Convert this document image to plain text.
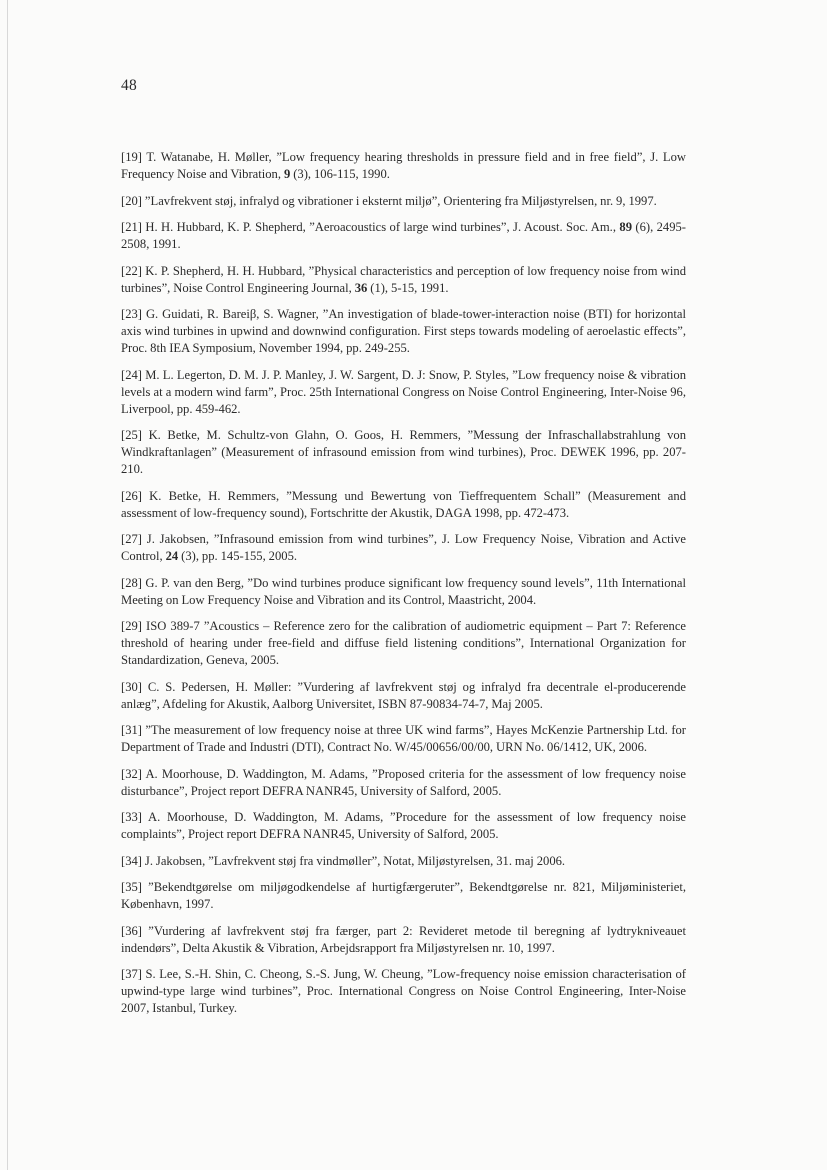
48
[19] T. Watanabe, H. Møller, ”Low frequency hearing thresholds in pressure field and in free field”, J. Low Frequency Noise and Vibration, 9 (3), 106-115, 1990.
[20] ”Lavfrekvent støj, infralyd og vibrationer i eksternt miljø”, Orientering fra Miljøstyrelsen, nr. 9, 1997.
[21] H. H. Hubbard, K. P. Shepherd, ”Aeroacoustics of large wind turbines”, J. Acoust. Soc. Am., 89 (6), 2495-2508, 1991.
[22] K. P. Shepherd, H. H. Hubbard, ”Physical characteristics and perception of low frequency noise from wind turbines”, Noise Control Engineering Journal, 36 (1), 5-15, 1991.
[23] G. Guidati, R. Bareiβ, S. Wagner, ”An investigation of blade-tower-interaction noise (BTI) for horizontal axis wind turbines in upwind and downwind configuration. First steps towards modeling of aeroelastic effects”, Proc. 8th IEA Symposium, November 1994, pp. 249-255.
[24] M. L. Legerton, D. M. J. P. Manley, J. W. Sargent, D. J: Snow, P. Styles, ”Low frequency noise & vibration levels at a modern wind farm”, Proc. 25th International Congress on Noise Control Engineering, Inter-Noise 96, Liverpool, pp. 459-462.
[25] K. Betke, M. Schultz-von Glahn, O. Goos, H. Remmers, ”Messung der Infraschallabstrahlung von Windkraftanlagen” (Measurement of infrasound emission from wind turbines), Proc. DEWEK 1996, pp. 207-210.
[26] K. Betke, H. Remmers, ”Messung und Bewertung von Tieffrequentem Schall” (Measurement and assessment of low-frequency sound), Fortschritte der Akustik, DAGA 1998, pp. 472-473.
[27] J. Jakobsen, ”Infrasound emission from wind turbines”, J. Low Frequency Noise, Vibration and Active Control, 24 (3), pp. 145-155, 2005.
[28] G. P. van den Berg, ”Do wind turbines produce significant low frequency sound levels”, 11th International Meeting on Low Frequency Noise and Vibration and its Control, Maastricht, 2004.
[29] ISO 389-7 ”Acoustics – Reference zero for the calibration of audiometric equipment – Part 7: Reference threshold of hearing under free-field and diffuse field listening conditions”, International Organization for Standardization, Geneva, 2005.
[30] C. S. Pedersen, H. Møller: ”Vurdering af lavfrekvent støj og infralyd fra decentrale el-producerende anlæg”, Afdeling for Akustik, Aalborg Universitet, ISBN 87-90834-74-7, Maj 2005.
[31] ”The measurement of low frequency noise at three UK wind farms”, Hayes McKenzie Partnership Ltd. for Department of Trade and Industri (DTI), Contract No. W/45/00656/00/00, URN No. 06/1412, UK, 2006.
[32] A. Moorhouse, D. Waddington, M. Adams, ”Proposed criteria for the assessment of low frequency noise disturbance”, Project report DEFRA NANR45, University of Salford, 2005.
[33] A. Moorhouse, D. Waddington, M. Adams, ”Procedure for the assessment of low frequency noise complaints”, Project report DEFRA NANR45, University of Salford, 2005.
[34] J. Jakobsen, ”Lavfrekvent støj fra vindmøller”, Notat, Miljøstyrelsen, 31. maj 2006.
[35] ”Bekendtgørelse om miljøgodkendelse af hurtigfærgeruter”, Bekendtgørelse nr. 821, Miljøministeriet, København, 1997.
[36] ”Vurdering af lavfrekvent støj fra færger, part 2: Revideret metode til beregning af lydtrykniveauet indendørs”, Delta Akustik & Vibration, Arbejdsrapport fra Miljøstyrelsen nr. 10, 1997.
[37] S. Lee, S.-H. Shin, C. Cheong, S.-S. Jung, W. Cheung, ”Low-frequency noise emission characterisation of upwind-type large wind turbines”, Proc. International Congress on Noise Control Engineering, Inter-Noise 2007, Istanbul, Turkey.
